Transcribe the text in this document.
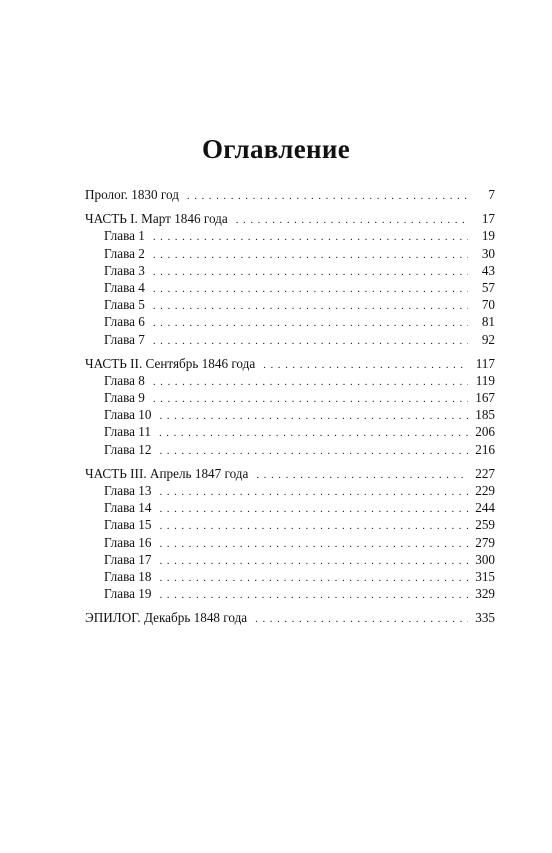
Оглавление
Пролог. 1830 год . . .	7
ЧАСТЬ I. Март 1846 года . . .	17
Глава 1 . . .	19
Глава 2 . . .	30
Глава 3 . . .	43
Глава 4 . . .	57
Глава 5 . . .	70
Глава 6 . . .	81
Глава 7 . . .	92
ЧАСТЬ II. Сентябрь 1846 года . . .	117
Глава 8 . . .	119
Глава 9 . . .	167
Глава 10 . . .	185
Глава 11 . . .	206
Глава 12 . . .	216
ЧАСТЬ III. Апрель 1847 года . . .	227
Глава 13 . . .	229
Глава 14 . . .	244
Глава 15 . . .	259
Глава 16 . . .	279
Глава 17 . . .	300
Глава 18 . . .	315
Глава 19 . . .	329
ЭПИЛОГ. Декабрь 1848 года . . .	335
